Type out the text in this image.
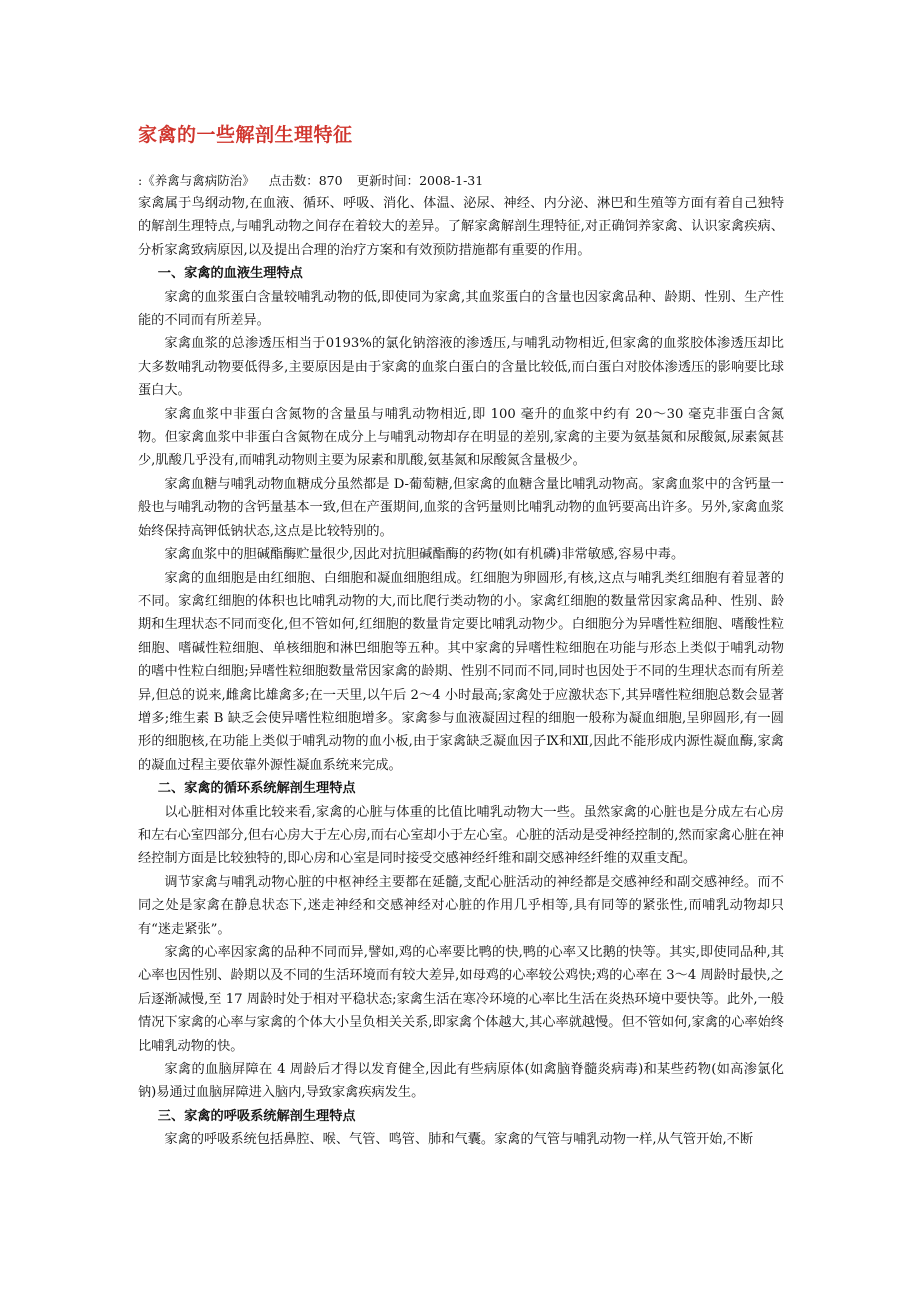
家禽的一些解剖生理特征
:《养禽与禽病防治》 点击数：870 更新时间：2008-1-31

家禽属于鸟纲动物,在血液、循环、呼吸、消化、体温、泌尿、神经、内分泌、淋巴和生殖等方面有着自己独特的解剖生理特点,与哺乳动物之间存在着较大的差异。了解家禽解剖生理特征,对正确饲养家禽、认识家禽疾病、分析家禽致病原因,以及提出合理的治疗方案和有效预防措施都有重要的作用。

一、家禽的血液生理特点

家禽的血浆蛋白含量较哺乳动物的低,即使同为家禽,其血浆蛋白的含量也因家禽品种、龄期、性别、生产性能的不同而有所差异。

家禽血浆的总渗透压相当于0193%的氯化钠溶液的渗透压,与哺乳动物相近,但家禽的血浆胶体渗透压却比大多数哺乳动物要低得多,主要原因是由于家禽的血浆白蛋白的含量比较低,而白蛋白对胶体渗透压的影响要比球蛋白大。

家禽血浆中非蛋白含氮物的含量虽与哺乳动物相近,即 100 毫升的血浆中约有 20～30 毫克非蛋白含氮物。但家禽血浆中非蛋白含氮物在成分上与哺乳动物却存在明显的差别,家禽的主要为氨基氮和尿酸氮,尿素氮甚少,肌酸几乎没有,而哺乳动物则主要为尿素和肌酸,氨基氮和尿酸氮含量极少。

家禽血糖与哺乳动物血糖成分虽然都是 D-葡萄糖,但家禽的血糖含量比哺乳动物高。家禽血浆中的含钙量一般也与哺乳动物的含钙量基本一致,但在产蛋期间,血浆的含钙量则比哺乳动物的血钙要高出许多。另外,家禽血浆始终保持高钾低钠状态,这点是比较特别的。

家禽血浆中的胆碱酯酶贮量很少,因此对抗胆碱酯酶的药物(如有机磷)非常敏感,容易中毒。

家禽的血细胞是由红细胞、白细胞和凝血细胞组成。红细胞为卵圆形,有核,这点与哺乳类红细胞有着显著的不同。家禽红细胞的体积也比哺乳动物的大,而比爬行类动物的小。家禽红细胞的数量常因家禽品种、性别、龄期和生理状态不同而变化,但不管如何,红细胞的数量肯定要比哺乳动物少。白细胞分为异嗜性粒细胞、嗜酸性粒细胞、嗜碱性粒细胞、单核细胞和淋巴细胞等五种。其中家禽的异嗜性粒细胞在功能与形态上类似于哺乳动物的嗜中性粒白细胞;异嗜性粒细胞数量常因家禽的龄期、性别不同而不同,同时也因处于不同的生理状态而有所差异,但总的说来,雌禽比雄禽多;在一天里,以午后 2～4 小时最高;家禽处于应激状态下,其异嗜性粒细胞总数会显著增多;维生素 B 缺乏会使异嗜性粒细胞增多。家禽参与血液凝固过程的细胞一般称为凝血细胞,呈卵圆形,有一圆形的细胞核,在功能上类似于哺乳动物的血小板,由于家禽缺乏凝血因子Ⅸ和Ⅻ,因此不能形成内源性凝血酶,家禽的凝血过程主要依靠外源性凝血系统来完成。

二、家禽的循环系统解剖生理特点

以心脏相对体重比较来看,家禽的心脏与体重的比值比哺乳动物大一些。虽然家禽的心脏也是分成左右心房和左右心室四部分,但右心房大于左心房,而右心室却小于左心室。心脏的活动是受神经控制的,然而家禽心脏在神经控制方面是比较独特的,即心房和心室是同时接受交感神经纤维和副交感神经纤维的双重支配。

调节家禽与哺乳动物心脏的中枢神经主要都在延髓,支配心脏活动的神经都是交感神经和副交感神经。而不同之处是家禽在静息状态下,迷走神经和交感神经对心脏的作用几乎相等,具有同等的紧张性,而哺乳动物却只有“迷走紧张”。

家禽的心率因家禽的品种不同而异,譬如,鸡的心率要比鸭的快,鸭的心率又比鹅的快等。其实,即使同品种,其心率也因性别、龄期以及不同的生活环境而有较大差异,如母鸡的心率较公鸡快;鸡的心率在 3～4 周龄时最快,之后逐渐减慢,至 17 周龄时处于相对平稳状态;家禽生活在寒冷环境的心率比生活在炎热环境中要快等。此外,一般情况下家禽的心率与家禽的个体大小呈负相关关系,即家禽个体越大,其心率就越慢。但不管如何,家禽的心率始终比哺乳动物的快。

家禽的血脑屏障在 4 周龄后才得以发育健全,因此有些病原体(如禽脑脊髓炎病毒)和某些药物(如高渗氯化钠)易通过血脑屏障进入脑内,导致家禽疾病发生。

三、家禽的呼吸系统解剖生理特点

家禽的呼吸系统包括鼻腔、喉、气管、鸣管、肺和气囊。家禽的气管与哺乳动物一样,从气管开始,不断
